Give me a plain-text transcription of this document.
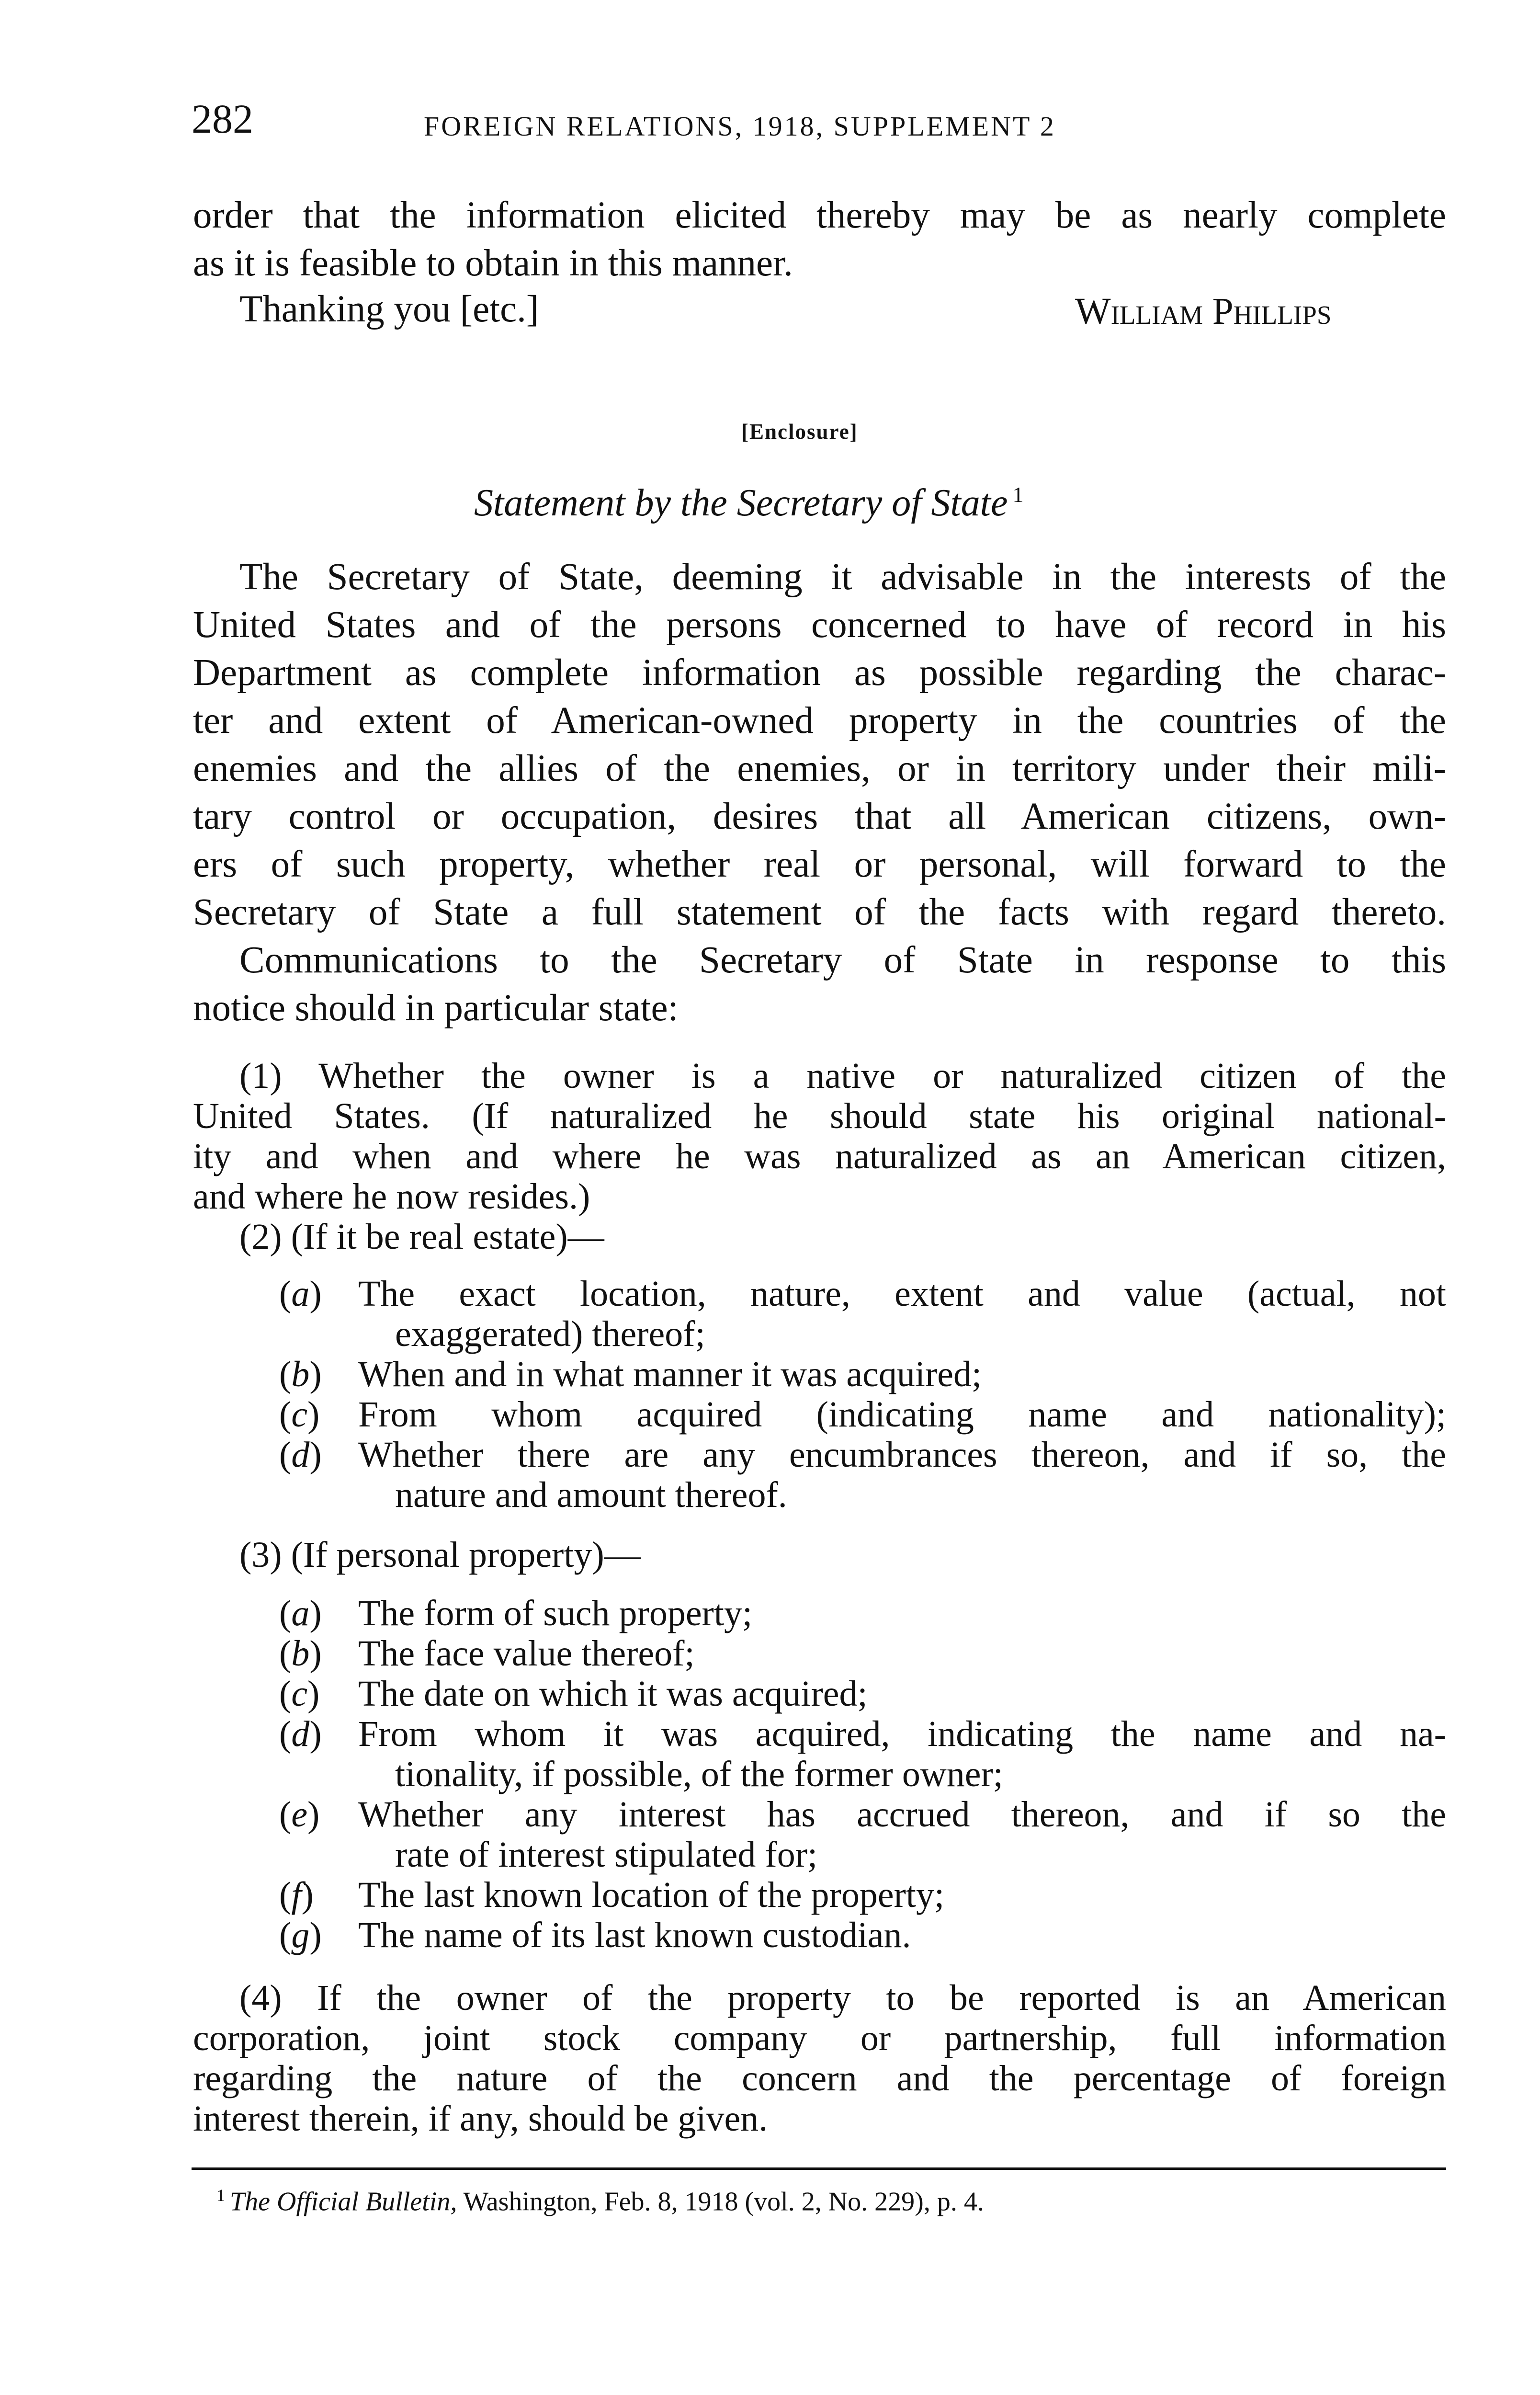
282	FOREIGN RELATIONS, 1918, SUPPLEMENT 2
order that the information elicited thereby may be as nearly complete
as it is feasible to obtain in this manner.
Thanking you [etc.]	William Phillips
[Enclosure]
Statement by the Secretary of State $^1$
The Secretary of State, deeming it advisable in the interests of the
United States and of the persons concerned to have of record in his
Department as complete information as possible regarding the charac-
ter and extent of American-owned property in the countries of the
enemies and the allies of the enemies, or in territory under their mili-
tary control or occupation, desires that all American citizens, own-
ers of such property, whether real or personal, will forward to the
Secretary of State a full statement of the facts with regard thereto.
Communications to the Secretary of State in response to this
notice should in particular state:
(1) Whether the owner is a native or naturalized citizen of the
United States. (If naturalized he should state his original national-
ity and when and where he was naturalized as an American citizen,
and where he now resides.)
(2) (If it be real estate)—
(a) The exact location, nature, extent and value (actual, not
exaggerated) thereof;
(b) When and in what manner it was acquired;
(c) From whom acquired (indicating name and nationality);
(d) Whether there are any encumbrances thereon, and if so, the
nature and amount thereof.
(3) (If personal property)—
(a) The form of such property;
(b) The face value thereof;
(c) The date on which it was acquired;
(d) From whom it was acquired, indicating the name and na-
tionality, if possible, of the former owner;
(e) Whether any interest has accrued thereon, and if so the
rate of interest stipulated for;
(f) The last known location of the property;
(g) The name of its last known custodian.
(4) If the owner of the property to be reported is an American
corporation, joint stock company or partnership, full information
regarding the nature of the concern and the percentage of foreign
interest therein, if any, should be given.
$^1$ The Official Bulletin, Washington, Feb. 8, 1918 (vol. 2, No. 229), p. 4.
